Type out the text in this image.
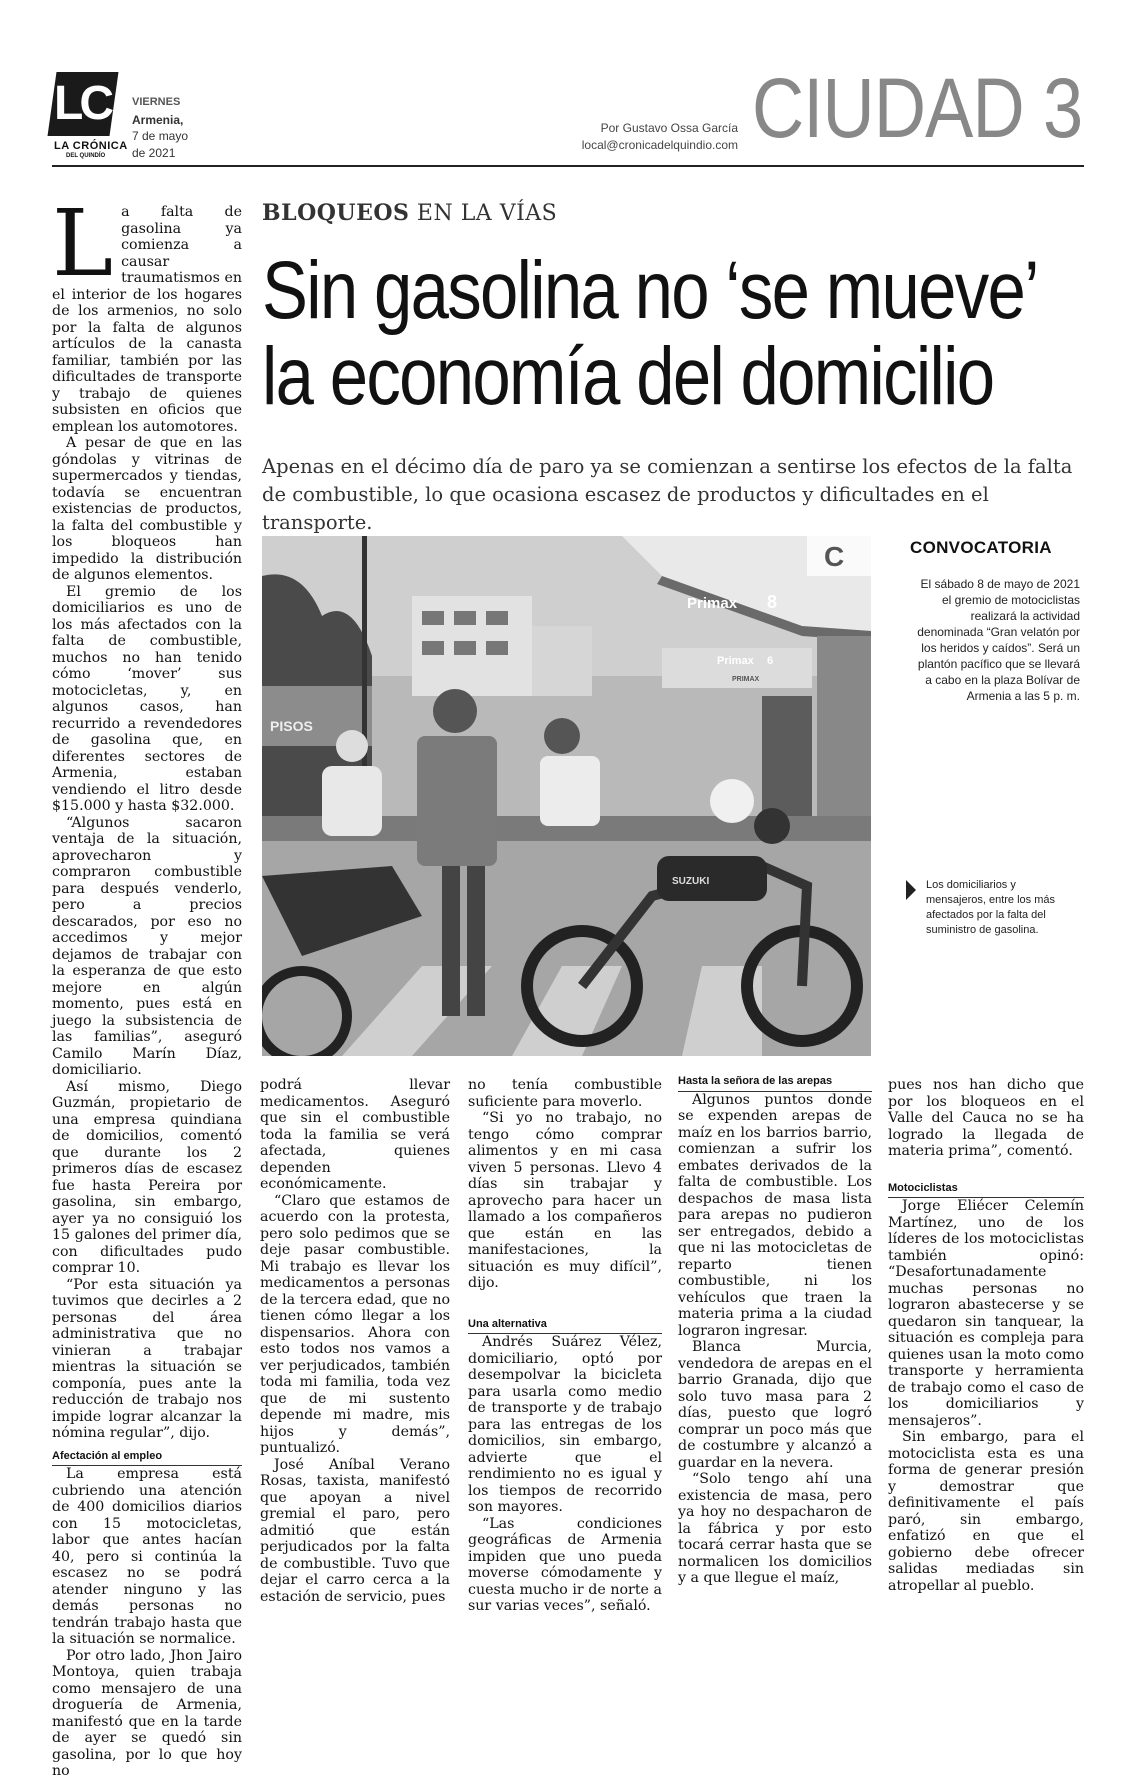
LC
LA CRÓNICA
DEL QUINDÍO
VIERNES
Armenia,
7 de mayo
de 2021
Por Gustavo Ossa García
local@cronicadelquindio.com CIUDAD 3
BLOQUEOS EN LA VÍAS
Sin gasolina no ‘se mueve’
la economía del domicilio
Apenas en el décimo día de paro ya se comienzan a sentirse los efectos de la falta de combustible, lo que ocasiona escasez de productos y dificultades en el transporte.
L a falta de gasolina ya comienza a causar traumatismos en el interior de los hogares de los armenios, no solo por la falta de algunos artículos de la canasta familiar, también por las dificultades de transporte y trabajo de quienes subsisten en oficios que emplean los automotores.

A pesar de que en las góndolas y vitrinas de supermercados y tiendas, todavía se encuentran existencias de productos, la falta del combustible y los bloqueos han impedido la distribución de algunos elementos.

El gremio de los domiciliarios es uno de los más afectados con la falta de combustible, muchos no han tenido cómo ‘mover’ sus motocicletas, y, en algunos casos, han recurrido a revendedores de gasolina que, en diferentes sectores de Armenia, estaban vendiendo el litro desde $15.000 y hasta $32.000.

“Algunos sacaron ventaja de la situación, aprovecharon y compraron combustible para después venderlo, pero a precios descarados, por eso no accedimos y mejor dejamos de trabajar con la esperanza de que esto mejore en algún momento, pues está en juego la subsistencia de las familias”, aseguró Camilo Marín Díaz, domiciliario.

Así mismo, Diego Guzmán, propietario de una empresa quindiana de domicilios, comentó que durante los 2 primeros días de escasez fue hasta Pereira por gasolina, sin embargo, ayer ya no consiguió los 15 galones del primer día, con dificultades pudo comprar 10.

“Por esta situación ya tuvimos que decirles a 2 personas del área administrativa que no vinieran a trabajar mientras la situación se componía, pues ante la reducción de trabajo nos impide lograr alcanzar la nómina regular”, dijo.

Afectación al empleo

La empresa está cubriendo una atención de 400 domicilios diarios con 15 motocicletas, labor que antes hacían 40, pero si continúa la escasez no se podrá atender ninguno y las demás personas no tendrán trabajo hasta que la situación se normalice.

Por otro lado, Jhon Jairo Montoya, quien trabaja como mensajero de una droguería de Armenia, manifestó que en la tarde de ayer se quedó sin gasolina, por lo que hoy no

podrá llevar medicamentos. Aseguró que sin el combustible toda la familia se verá afectada, quienes dependen económicamente.

“Claro que estamos de acuerdo con la protesta, pero solo pedimos que se deje pasar combustible. Mi trabajo es llevar los medicamentos a personas de la tercera edad, que no tienen cómo llegar a los dispensarios. Ahora con esto todos nos vamos a ver perjudicados, también toda mi familia, toda vez que de mi sustento depende mi madre, mis hijos y demás”, puntualizó.

José Aníbal Verano Rosas, taxista, manifestó que apoyan a nivel gremial el paro, pero admitió que están perjudicados por la falta de combustible. Tuvo que dejar el carro cerca a la estación de servicio, pues

no tenía combustible suficiente para moverlo.

“Si yo no trabajo, no tengo cómo comprar alimentos y en mi casa viven 5 personas. Llevo 4 días sin trabajar y aprovecho para hacer un llamado a los compañeros que están en las manifestaciones, la situación es muy difícil”, dijo.

Una alternativa

Andrés Suárez Vélez, domiciliario, optó por desempolvar la bicicleta para usarla como medio de transporte y de trabajo para las entregas de los domicilios, sin embargo, advierte que el rendimiento no es igual y los tiempos de recorrido son mayores.

“Las condiciones geográficas de Armenia impiden que uno pueda moverse cómodamente y cuesta mucho ir de norte a sur varias veces”, señaló.

Hasta la señora de las arepas

Algunos puntos donde se expenden arepas de maíz en los barrios barrio, comienzan a sufrir los embates derivados de la falta de combustible. Los despachos de masa lista para arepas no pudieron ser entregados, debido a que ni las motocicletas de reparto tienen combustible, ni los vehículos que traen la materia prima a la ciudad lograron ingresar.

Blanca Murcia, vendedora de arepas en el barrio Granada, dijo que solo tuvo masa para 2 días, puesto que logró comprar un poco más que de costumbre y alcanzó a guardar en la nevera.

“Solo tengo ahí una existencia de masa, pero ya hoy no despacharon de la fábrica y por esto tocará cerrar hasta que se normalicen los domicilios y a que llegue el maíz,

pues nos han dicho que por los bloqueos en el Valle del Cauca no se ha logrado la llegada de materia prima”, comentó.

Motociclistas

Jorge Eliécer Celemín Martínez, uno de los líderes de los motociclistas también opinó: “Desafortunadamente muchas personas no lograron abastecerse y se quedaron sin tanquear, la situación es compleja para quienes usan la moto como transporte y herramienta de trabajo como el caso de los domiciliarios y mensajeros”.

Sin embargo, para el motociclista esta es una forma de generar presión y demostrar que definitivamente el país paró, sin embargo, enfatizó en que el gobierno debe ofrecer salidas mediadas sin atropellar al pueblo.

PISOS
Primax 8
C
Primax 6
PRIMAX
SUZUKI
CONVOCATORIA
El sábado 8 de mayo de 2021 el gremio de motociclistas realizará la actividad denominada “Gran velatón por los heridos y caídos”. Será un plantón pacífico que se llevará a cabo en la plaza Bolívar de Armenia a las 5 p. m.
Los domiciliarios y mensajeros, entre los más afectados por la falta del suministro de gasolina.
